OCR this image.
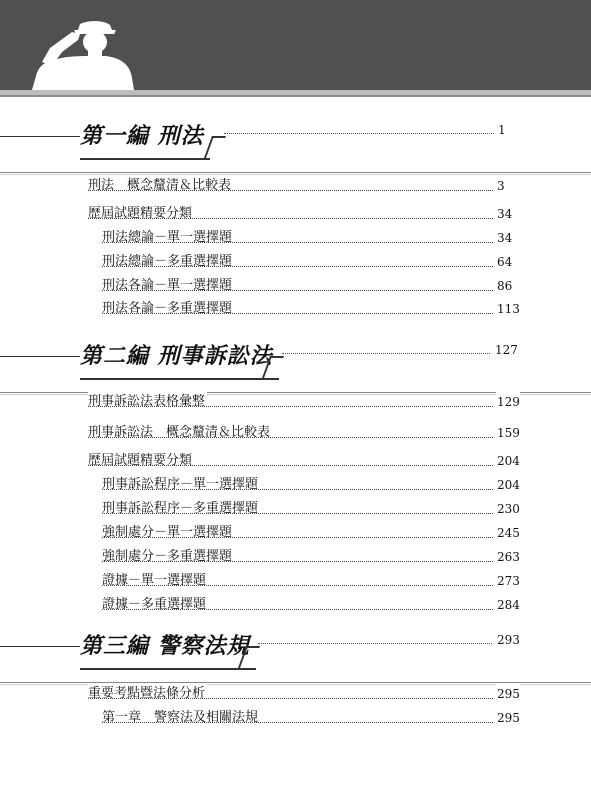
第一編 刑法	1
刑法　概念釐清＆比較表	3
歷屆試題精要分類	34
刑法總論－單一選擇題	34
刑法總論－多重選擇題	64
刑法各論－單一選擇題	86
刑法各論－多重選擇題	113
第二編 刑事訴訟法	127
刑事訴訟法表格彙整	129
刑事訴訟法　概念釐清＆比較表	159
歷屆試題精要分類	204
刑事訴訟程序－單一選擇題	204
刑事訴訟程序－多重選擇題	230
強制處分－單一選擇題	245
強制處分－多重選擇題	263
證據－單一選擇題	273
證據－多重選擇題	284
第三編 警察法規	293
重要考點暨法條分析	295
第一章　警察法及相關法規	295
